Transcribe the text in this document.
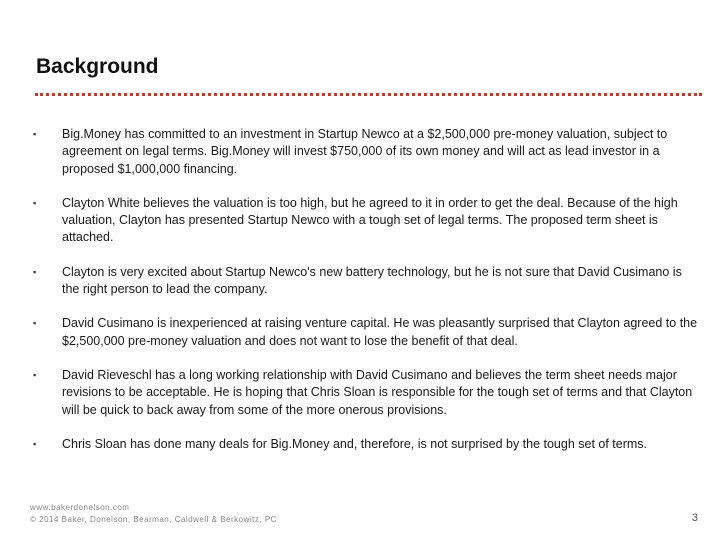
Background
▪ Big.Money has committed to an investment in Startup Newco at a $2,500,000 pre‑money valuation, subject to agreement on legal terms. Big.Money will invest $750,000 of its own money and will act as lead investor in a proposed $1,000,000 financing.
▪ Clayton White believes the valuation is too high, but he agreed to it in order to get the deal. Because of the high valuation, Clayton has presented Startup Newco with a tough set of legal terms. The proposed term sheet is attached.
▪ Clayton is very excited about Startup Newco's new battery technology, but he is not sure that David Cusimano is the right person to lead the company.
▪ David Cusimano is inexperienced at raising venture capital. He was pleasantly surprised that Clayton agreed to the $2,500,000 pre-money valuation and does not want to lose the benefit of that deal.
▪ David Rieveschl has a long working relationship with David Cusimano and believes the term sheet needs major revisions to be acceptable. He is hoping that Chris Sloan is responsible for the tough set of terms and that Clayton will be quick to back away from some of the more onerous provisions.
▪ Chris Sloan has done many deals for Big.Money and, therefore, is not surprised by the tough set of terms.
www.bakerdonelson.com
© 2014 Baker, Donelson, Bearman, Caldwell & Berkowitz, PC	3
